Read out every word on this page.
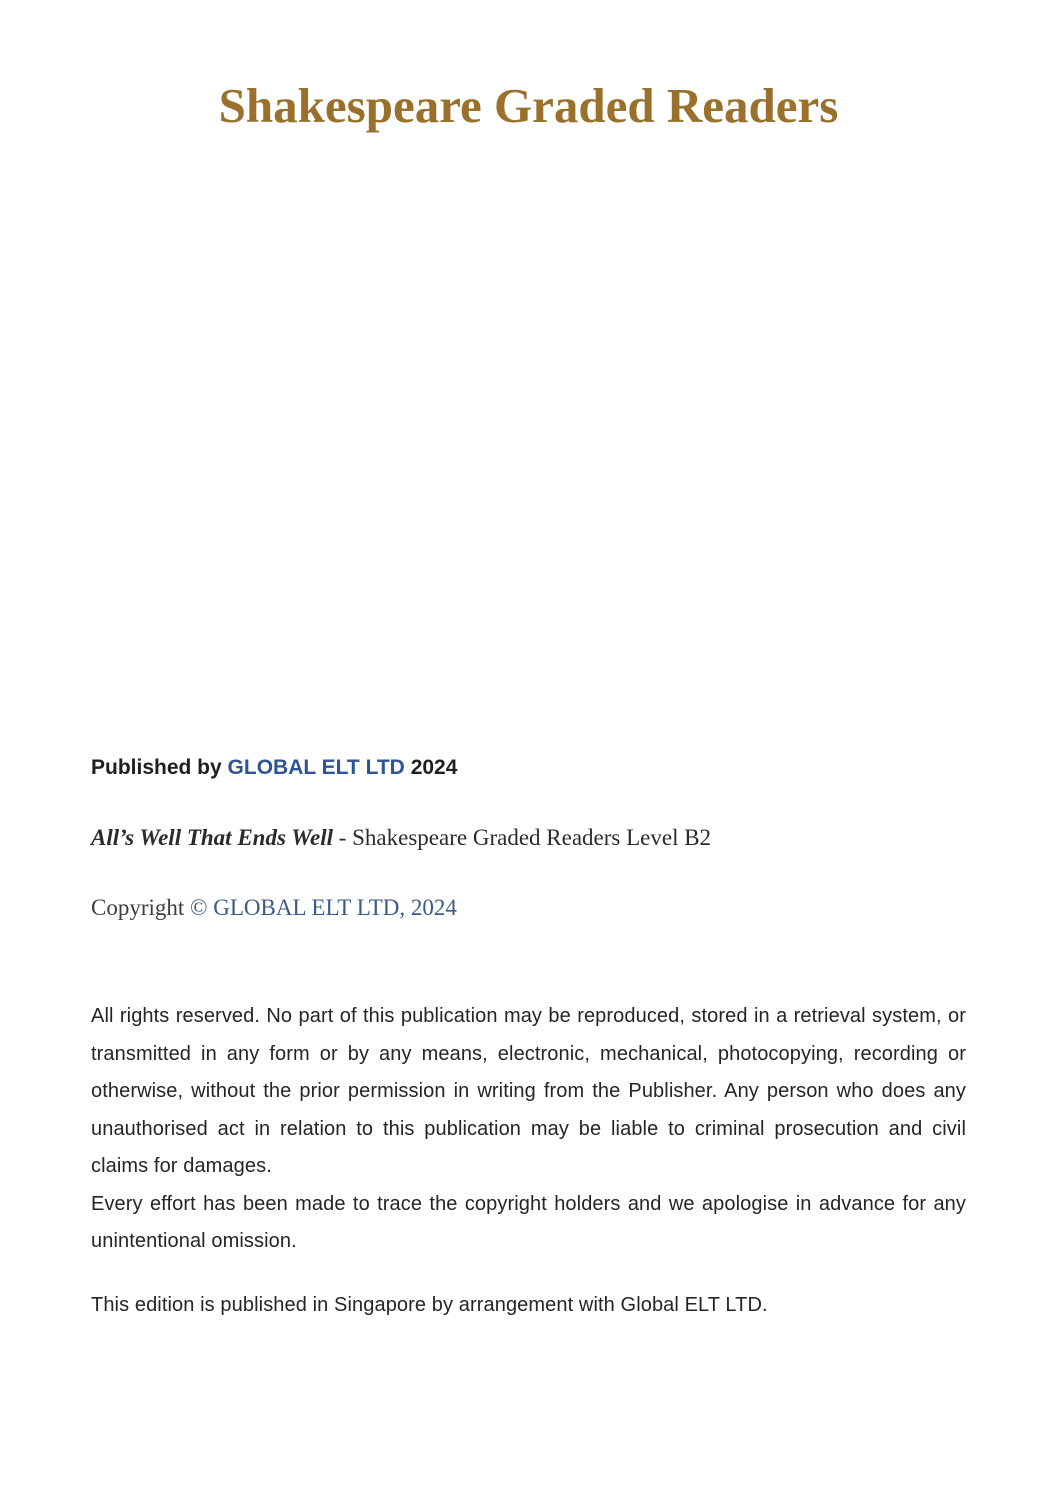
Shakespeare Graded Readers

Published by GLOBAL ELT LTD 2024

All’s Well That Ends Well - Shakespeare Graded Readers Level B2

Copyright © GLOBAL ELT LTD, 2024

All rights reserved. No part of this publication may be reproduced, stored in a retrieval system, or transmitted in any form or by any means, electronic, mechanical, photocopying, recording or otherwise, without the prior permission in writing from the Publisher. Any person who does any unauthorised act in relation to this publication may be liable to criminal prosecution and civil claims for damages.

Every effort has been made to trace the copyright holders and we apologise in advance for any unintentional omission.

This edition is published in Singapore by arrangement with Global ELT LTD.
